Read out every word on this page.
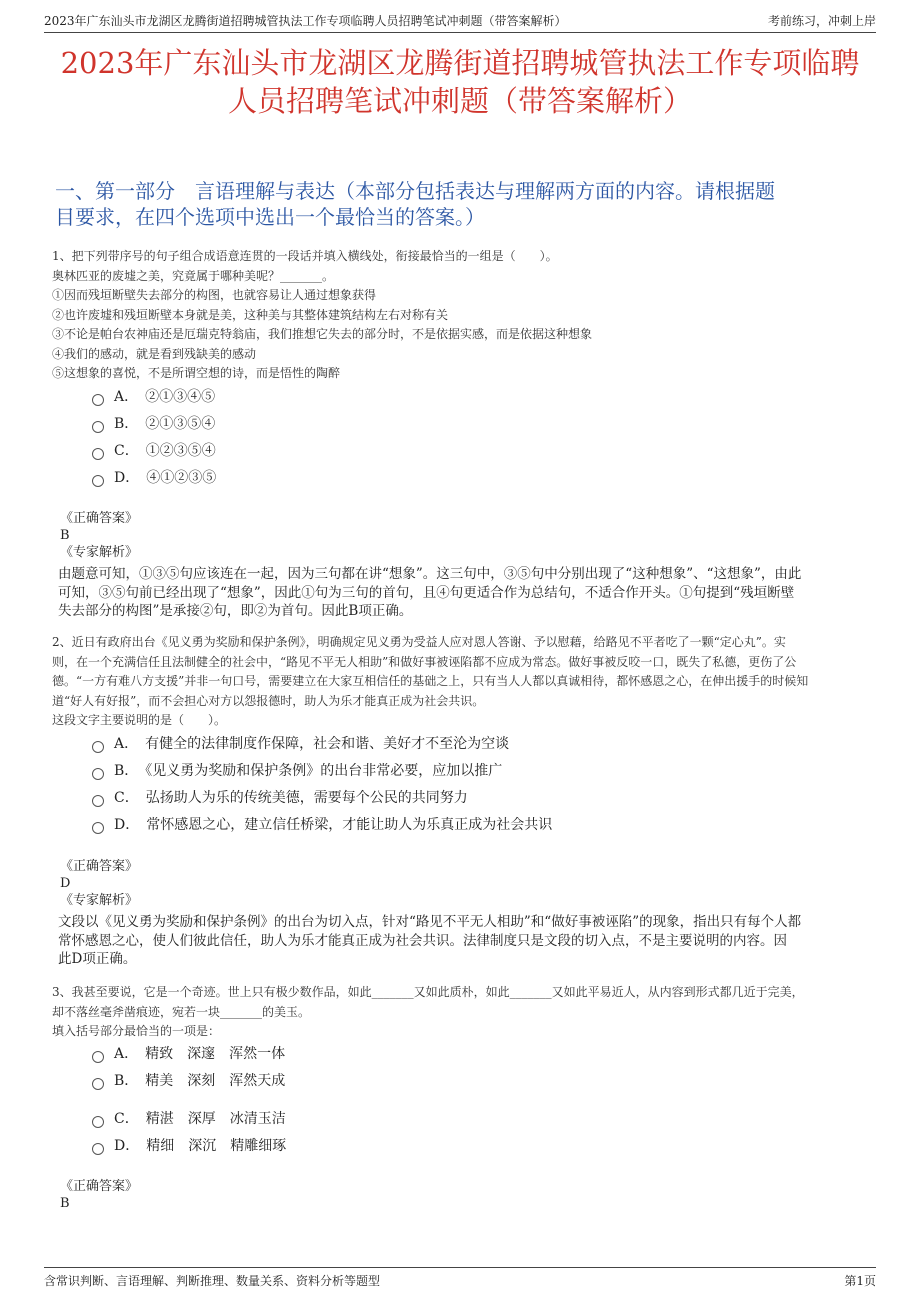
2023年广东汕头市龙湖区龙腾街道招聘城管执法工作专项临聘人员招聘笔试冲刺题（带答案解析）	考前练习，冲刺上岸
2023年广东汕头市龙湖区龙腾街道招聘城管执法工作专项临聘
人员招聘笔试冲刺题（带答案解析）
一、第一部分　言语理解与表达（本部分包括表达与理解两方面的内容。请根据题
目要求，在四个选项中选出一个最恰当的答案。）
1、把下列带序号的句子组合成语意连贯的一段话并填入横线处，衔接最恰当的一组是（　　）。
奥林匹亚的废墟之美，究竟属于哪种美呢？_______。
①因而残垣断壁失去部分的构图，也就容易让人通过想象获得
②也许废墟和残垣断壁本身就是美，这种美与其整体建筑结构左右对称有关
③不论是帕台农神庙还是厄瑞克特翁庙，我们推想它失去的部分时，不是依据实感，而是依据这种想象
④我们的感动，就是看到残缺美的感动
⑤这想象的喜悦，不是所谓空想的诗，而是悟性的陶醉
A．　②①③④⑤
B．　②①③⑤④
C．　①②③⑤④
D．　④①②③⑤
《正确答案》
B
《专家解析》
由题意可知，①③⑤句应该连在一起，因为三句都在讲“想象”。这三句中，③⑤句中分别出现了“这种想象”、“这想象”，由此
可知，③⑤句前已经出现了“想象”，因此①句为三句的首句，且④句更适合作为总结句，不适合作开头。①句提到“残垣断壁
失去部分的构图”是承接②句，即②为首句。因此B项正确。
2、近日有政府出台《见义勇为奖励和保护条例》，明确规定见义勇为受益人应对恩人答谢、予以慰藉，给路见不平者吃了一颗“定心丸”。实
则，在一个充满信任且法制健全的社会中，“路见不平无人相助”和做好事被诬陷都不应成为常态。做好事被反咬一口，既失了私德，更伤了公
德。“一方有难八方支援”并非一句口号，需要建立在大家互相信任的基础之上，只有当人人都以真诚相待，都怀感恩之心，在伸出援手的时候知
道“好人有好报”，而不会担心对方以怨报德时，助人为乐才能真正成为社会共识。
这段文字主要说明的是（　　）。
A．　有健全的法律制度作保障，社会和谐、美好才不至沦为空谈
B．　《见义勇为奖励和保护条例》的出台非常必要，应加以推广
C．　弘扬助人为乐的传统美德，需要每个公民的共同努力
D．　常怀感恩之心，建立信任桥梁，才能让助人为乐真正成为社会共识
《正确答案》
D
《专家解析》
文段以《见义勇为奖励和保护条例》的出台为切入点，针对“路见不平无人相助”和“做好事被诬陷”的现象，指出只有每个人都
常怀感恩之心，使人们彼此信任，助人为乐才能真正成为社会共识。法律制度只是文段的切入点，不是主要说明的内容。因
此D项正确。
3、我甚至要说，它是一个奇迹。世上只有极少数作品，如此_______又如此质朴，如此_______又如此平易近人，从内容到形式都几近于完美，
却不落丝毫斧凿痕迹，宛若一块_______的美玉。
填入括号部分最恰当的一项是：
A．　精致　深邃　浑然一体
B．　精美　深刻　浑然天成
C．　精湛　深厚　冰清玉洁
D．　精细　深沉　精雕细琢
《正确答案》
B
含常识判断、言语理解、判断推理、数量关系、资料分析等题型	第1页
